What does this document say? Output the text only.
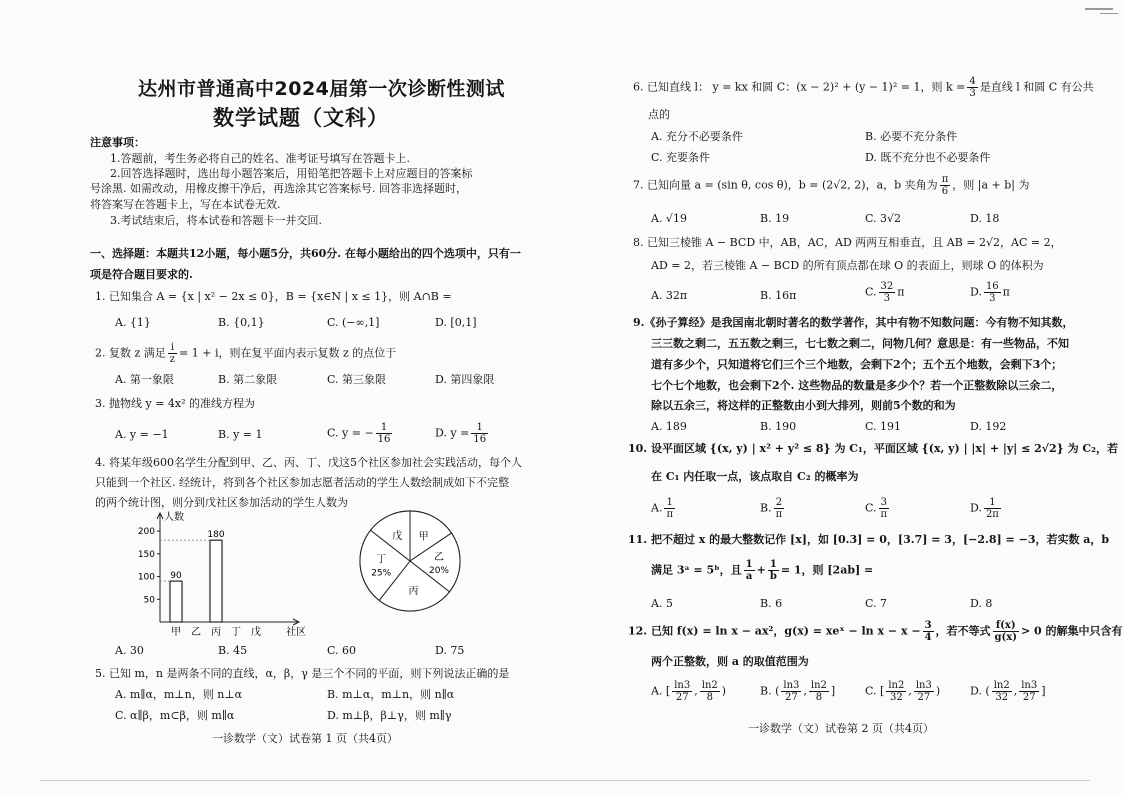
达州市普通高中2024届第一次诊断性测试
数学试题（文科）
注意事项：
1.答题前，考生务必将自己的姓名、准考证号填写在答题卡上.
2.回答选择题时，选出每小题答案后，用铅笔把答题卡上对应题目的答案标
号涂黑. 如需改动，用橡皮擦干净后，再选涂其它答案标号. 回答非选择题时，
将答案写在答题卡上，写在本试卷无效.
3.考试结束后，将本试卷和答题卡一并交回.
一、选择题：本题共12小题，每小题5分，共60分. 在每小题给出的四个选项中，只有一
项是符合题目要求的.
1. 已知集合 A = {x | x² − 2x ≤ 0}，B = {x∈N | x ≤ 1}，则 A∩B =
A. {1}	B. {0,1}	C. (−∞,1]	D. [0,1]
2. 复数 z 满足 $\frac{i}{z} = 1 + i$，则在复平面内表示复数 z 的点位于
A. 第一象限	B. 第二象限	C. 第三象限	D. 第四象限
3. 抛物线 y = 4x² 的准线方程为
A. y = −1	B. y = 1	C. y = − $\frac{1}{16}$	D. $y = \frac{1}{16}$
4. 将某年级600名学生分配到甲、乙、丙、丁、戊这5个社区参加社会实践活动，每个人
只能到一个社区. 经统计，将到各个社区参加志愿者活动的学生人数绘制成如下不完整
的两个统计图，则分到戊社区参加活动的学生人数为
人数
社区
50
100
150
200
甲
90
乙 丙
180
丁 戊
甲
乙
20%
丙
丁
25%
戊
A. 30	B. 45	C. 60	D. 75
5. 已知 m，n 是两条不同的直线，α，β，γ 是三个不同的平面，则下列说法正确的是
A. m∥α，m⊥n，则 n⊥α	B. m⊥α，m⊥n，则 n∥α
C. α∥β，m⊂β，则 m∥α	D. m⊥β，β⊥γ，则 m∥γ
一诊数学（文）试卷第 1 页（共4页）
6. 已知直线 l： y = kx 和圆 C：(x − 2)² + (y − 1)² = 1，则 $k = \frac{4}{3}$ 是直线 l 和圆 C 有公共
点的
A. 充分不必要条件	B. 必要不充分条件
C. 充要条件	D. 既不充分也不必要条件
7. 已知向量 a = (sin θ, cos θ)，b = (2√2, 2)，a，b 夹角为 $\frac{\pi}{6}$ ，则 |a + b| 为
A. √19	B. 19	C. 3√2	D. 18
8. 已知三棱锥 A − BCD 中，AB，AC，AD 两两互相垂直，且 AB = 2√2，AC = 2，
AD = 2，若三棱锥 A − BCD 的所有顶点都在球 O 的表面上，则球 O 的体积为
A. 32π	B. 16π	C. $\frac{32}{3}$ π	D. $\frac{16}{3}$ π
9.《孙子算经》是我国南北朝时著名的数学著作，其中有物不知数问题：今有物不知其数，
三三数之剩二，五五数之剩三，七七数之剩二，问物几何？意思是：有一些物品，不知
道有多少个，只知道将它们三个三个地数，会剩下2个；五个五个地数，会剩下3个；
七个七个地数，也会剩下2个. 这些物品的数量是多少个？若一个正整数除以三余二，
除以五余三，将这样的正整数由小到大排列，则前5个数的和为
A. 189	B. 190	C. 191	D. 192
10. 设平面区域 {(x, y) | x² + y² ≤ 8} 为 C₁，平面区域 {(x, y) | |x| + |y| ≤ 2√2} 为 C₂，若
在 C₁ 内任取一点，该点取自 C₂ 的概率为
A. $\frac{1}{\pi}$	B. $\frac{2}{\pi}$	C. $\frac{3}{\pi}$	D. $\frac{1}{2\pi}$
11. 把不超过 x 的最大整数记作 [x]，如 [0.3] = 0，[3.7] = 3，[−2.8] = −3，若实数 a，b
满足 3ᵃ = 5ᵇ，且 $\frac{1}{a} + \frac{1}{b} = 1$，则 [2ab] =
A. 5	B. 6	C. 7	D. 8
12. 已知 f(x) = ln x − ax²，g(x) = xeˣ − $\ln x - x - \frac{3}{4}$ ，若不等式 $\frac{f(x)}{g(x)} > 0$ 的解集中只含有
两个正整数，则 a 的取值范围为
A. [ $\frac{\ln 3}{27}$ , $\frac{\ln 2}{8}$ )	B. ( $\frac{\ln 3}{27}$ , $\frac{\ln 2}{8}$ ]	C. [ $\frac{\ln 2}{32}$ , $\frac{\ln 3}{27}$ )	D. ( $\frac{\ln 2}{32}$ , $\frac{\ln 3}{27}$ ]
一诊数学（文）试卷第 2 页（共4页）
